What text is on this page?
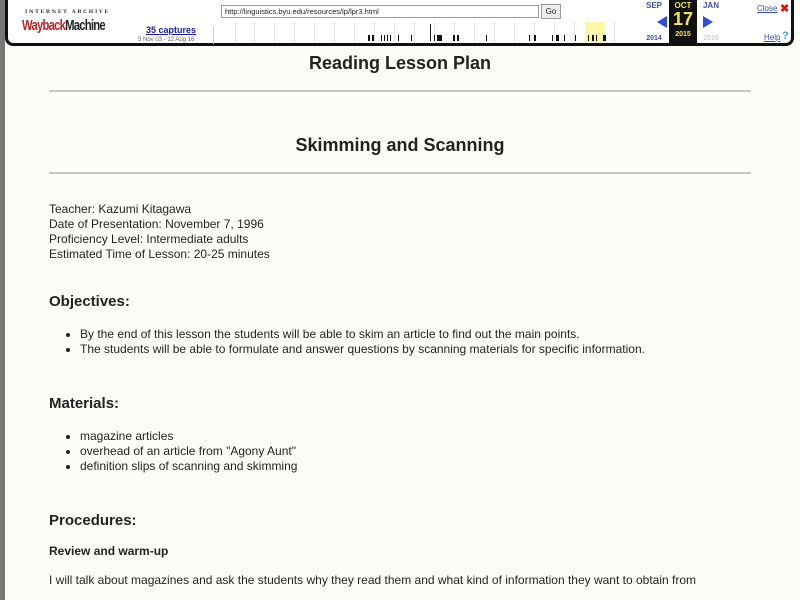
INTERNET ARCHIVE
WaybackMachine	35 captures
5 Nov 03 - 12 Aug 16
http://linguistics.byu.edu/resources/lp/lpr3.html	Go
SEP	OCT
17
2015
JAN
2014	2016
Close ✖
Help ?
Reading Lesson Plan
Skimming and Scanning
Teacher: Kazumi Kitagawa
Date of Presentation: November 7, 1996
Proficiency Level: Intermediate adults
Estimated Time of Lesson: 20-25 minutes
Objectives:
• By the end of this lesson the students will be able to skim an article to find out the main points.
• The students will be able to formulate and answer questions by scanning materials for specific information.
Materials:
• magazine articles
• overhead of an article from "Agony Aunt"
• definition slips of scanning and skimming
Procedures:
Review and warm-up

I will talk about magazines and ask the students why they read them and what kind of information they want to obtain from
